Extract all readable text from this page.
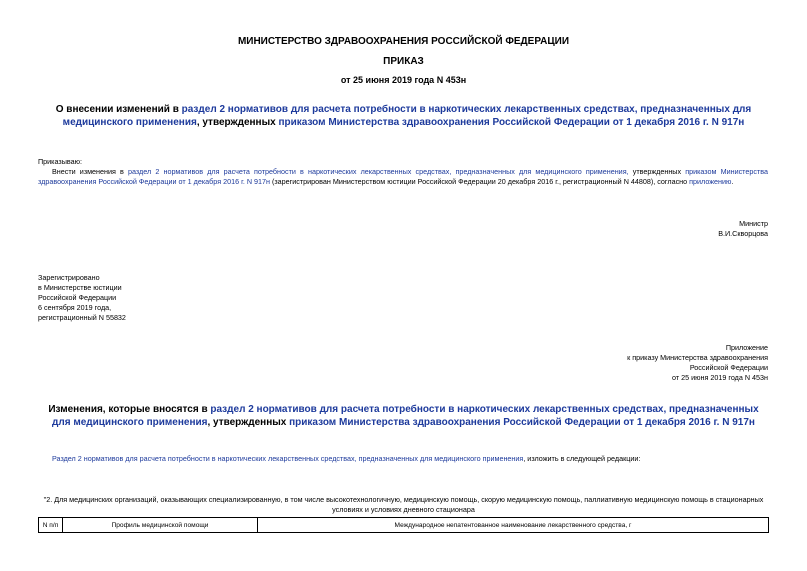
МИНИСТЕРСТВО ЗДРАВООХРАНЕНИЯ РОССИЙСКОЙ ФЕДЕРАЦИИ
ПРИКАЗ
от 25 июня 2019 года N 453н
О внесении изменений в раздел 2 нормативов для расчета потребности в наркотических лекарственных средствах, предназначенных для медицинского применения, утвержденных приказом Министерства здравоохранения Российской Федерации от 1 декабря 2016 г. N 917н
Приказываю:
Внести изменения в раздел 2 нормативов для расчета потребности в наркотических лекарственных средствах, предназначенных для медицинского применения, утвержденных приказом Министерства здравоохранения Российской Федерации от 1 декабря 2016 г. N 917н (зарегистрирован Министерством юстиции Российской Федерации 20 декабря 2016 г., регистрационный N 44808), согласно приложению.
Министр
В.И.Скворцова
Зарегистрировано
в Министерстве юстиции
Российской Федерации
6 сентября 2019 года,
регистрационный N 55832
Приложение
к приказу Министерства здравоохранения
Российской Федерации
от 25 июня 2019 года N 453н
Изменения, которые вносятся в раздел 2 нормативов для расчета потребности в наркотических лекарственных средствах, предназначенных для медицинского применения, утвержденных приказом Министерства здравоохранения Российской Федерации от 1 декабря 2016 г. N 917н
Раздел 2 нормативов для расчета потребности в наркотических лекарственных средствах, предназначенных для медицинского применения, изложить в следующей редакции:
"2. Для медицинских организаций, оказывающих специализированную, в том числе высокотехнологичную, медицинскую помощь, скорую медицинскую помощь, паллиативную медицинскую помощь в стационарных
условиях и условиях дневного стационара
N п/п	Профиль медицинской помощи	Международное непатентованное наименование лекарственного средства, г
